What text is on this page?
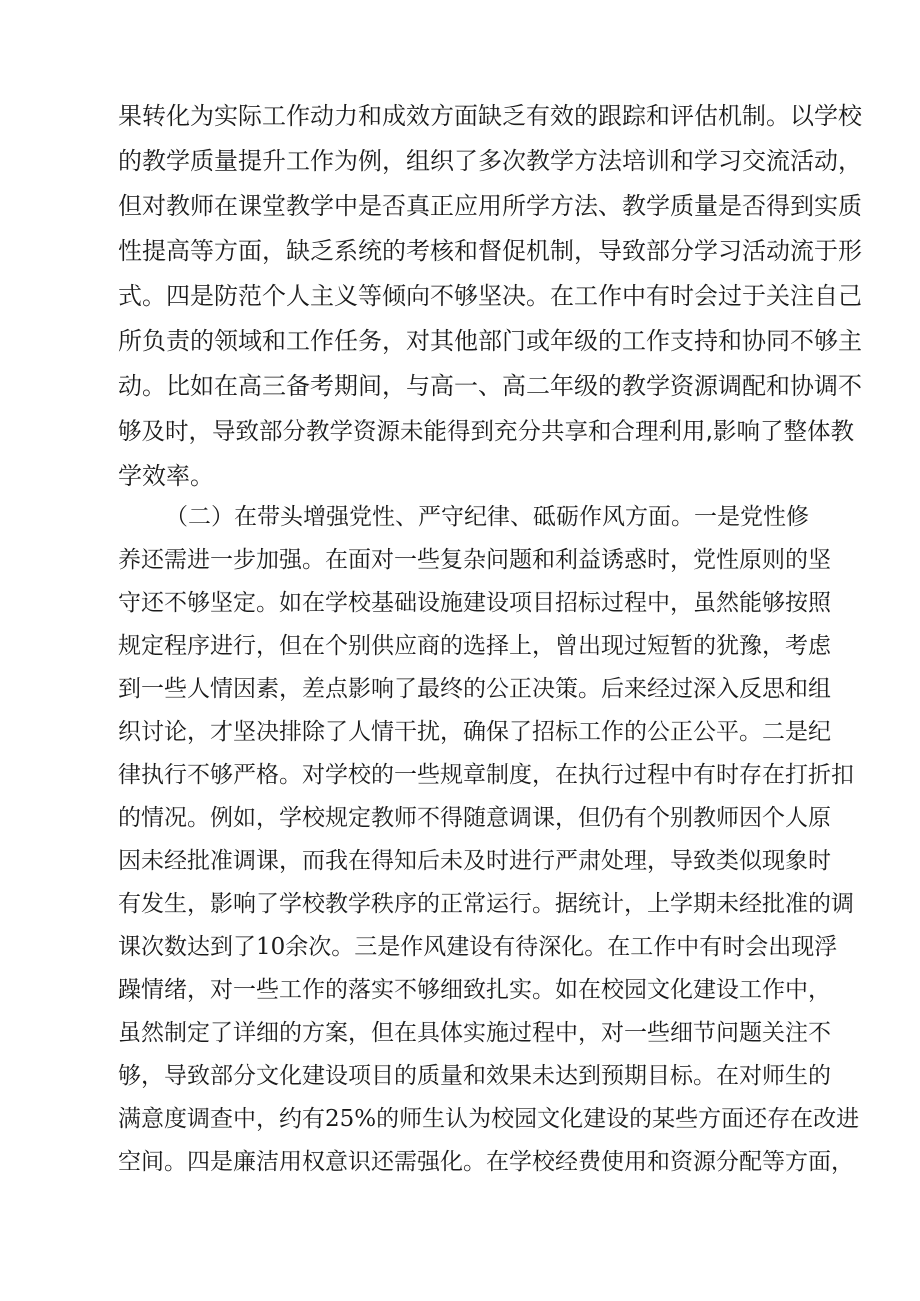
果转化为实际工作动力和成效方面缺乏有效的跟踪和评估机制。以学校

的教学质量提升工作为例，组织了多次教学方法培训和学习交流活动，

但对教师在课堂教学中是否真正应用所学方法、教学质量是否得到实质

性提高等方面，缺乏系统的考核和督促机制，导致部分学习活动流于形

式。四是防范个人主义等倾向不够坚决。在工作中有时会过于关注自己

所负责的领域和工作任务，对其他部门或年级的工作支持和协同不够主

动。比如在高三备考期间，与高一、高二年级的教学资源调配和协调不

够及时，导致部分教学资源未能得到充分共享和合理利用,影响了整体教

学效率。

（二）在带头增强党性、严守纪律、砥砺作风方面。一是党性修

养还需进一步加强。在面对一些复杂问题和利益诱惑时，党性原则的坚

守还不够坚定。如在学校基础设施建设项目招标过程中，虽然能够按照

规定程序进行，但在个别供应商的选择上，曾出现过短暂的犹豫，考虑

到一些人情因素，差点影响了最终的公正决策。后来经过深入反思和组

织讨论，才坚决排除了人情干扰，确保了招标工作的公正公平。二是纪

律执行不够严格。对学校的一些规章制度，在执行过程中有时存在打折扣

的情况。例如，学校规定教师不得随意调课，但仍有个别教师因个人原

因未经批准调课，而我在得知后未及时进行严肃处理，导致类似现象时

有发生，影响了学校教学秩序的正常运行。据统计，上学期未经批准的调

课次数达到了10余次。三是作风建设有待深化。在工作中有时会出现浮

躁情绪，对一些工作的落实不够细致扎实。如在校园文化建设工作中，

虽然制定了详细的方案，但在具体实施过程中，对一些细节问题关注不

够，导致部分文化建设项目的质量和效果未达到预期目标。在对师生的

满意度调查中，约有25%的师生认为校园文化建设的某些方面还存在改进

空间。四是廉洁用权意识还需强化。在学校经费使用和资源分配等方面，
